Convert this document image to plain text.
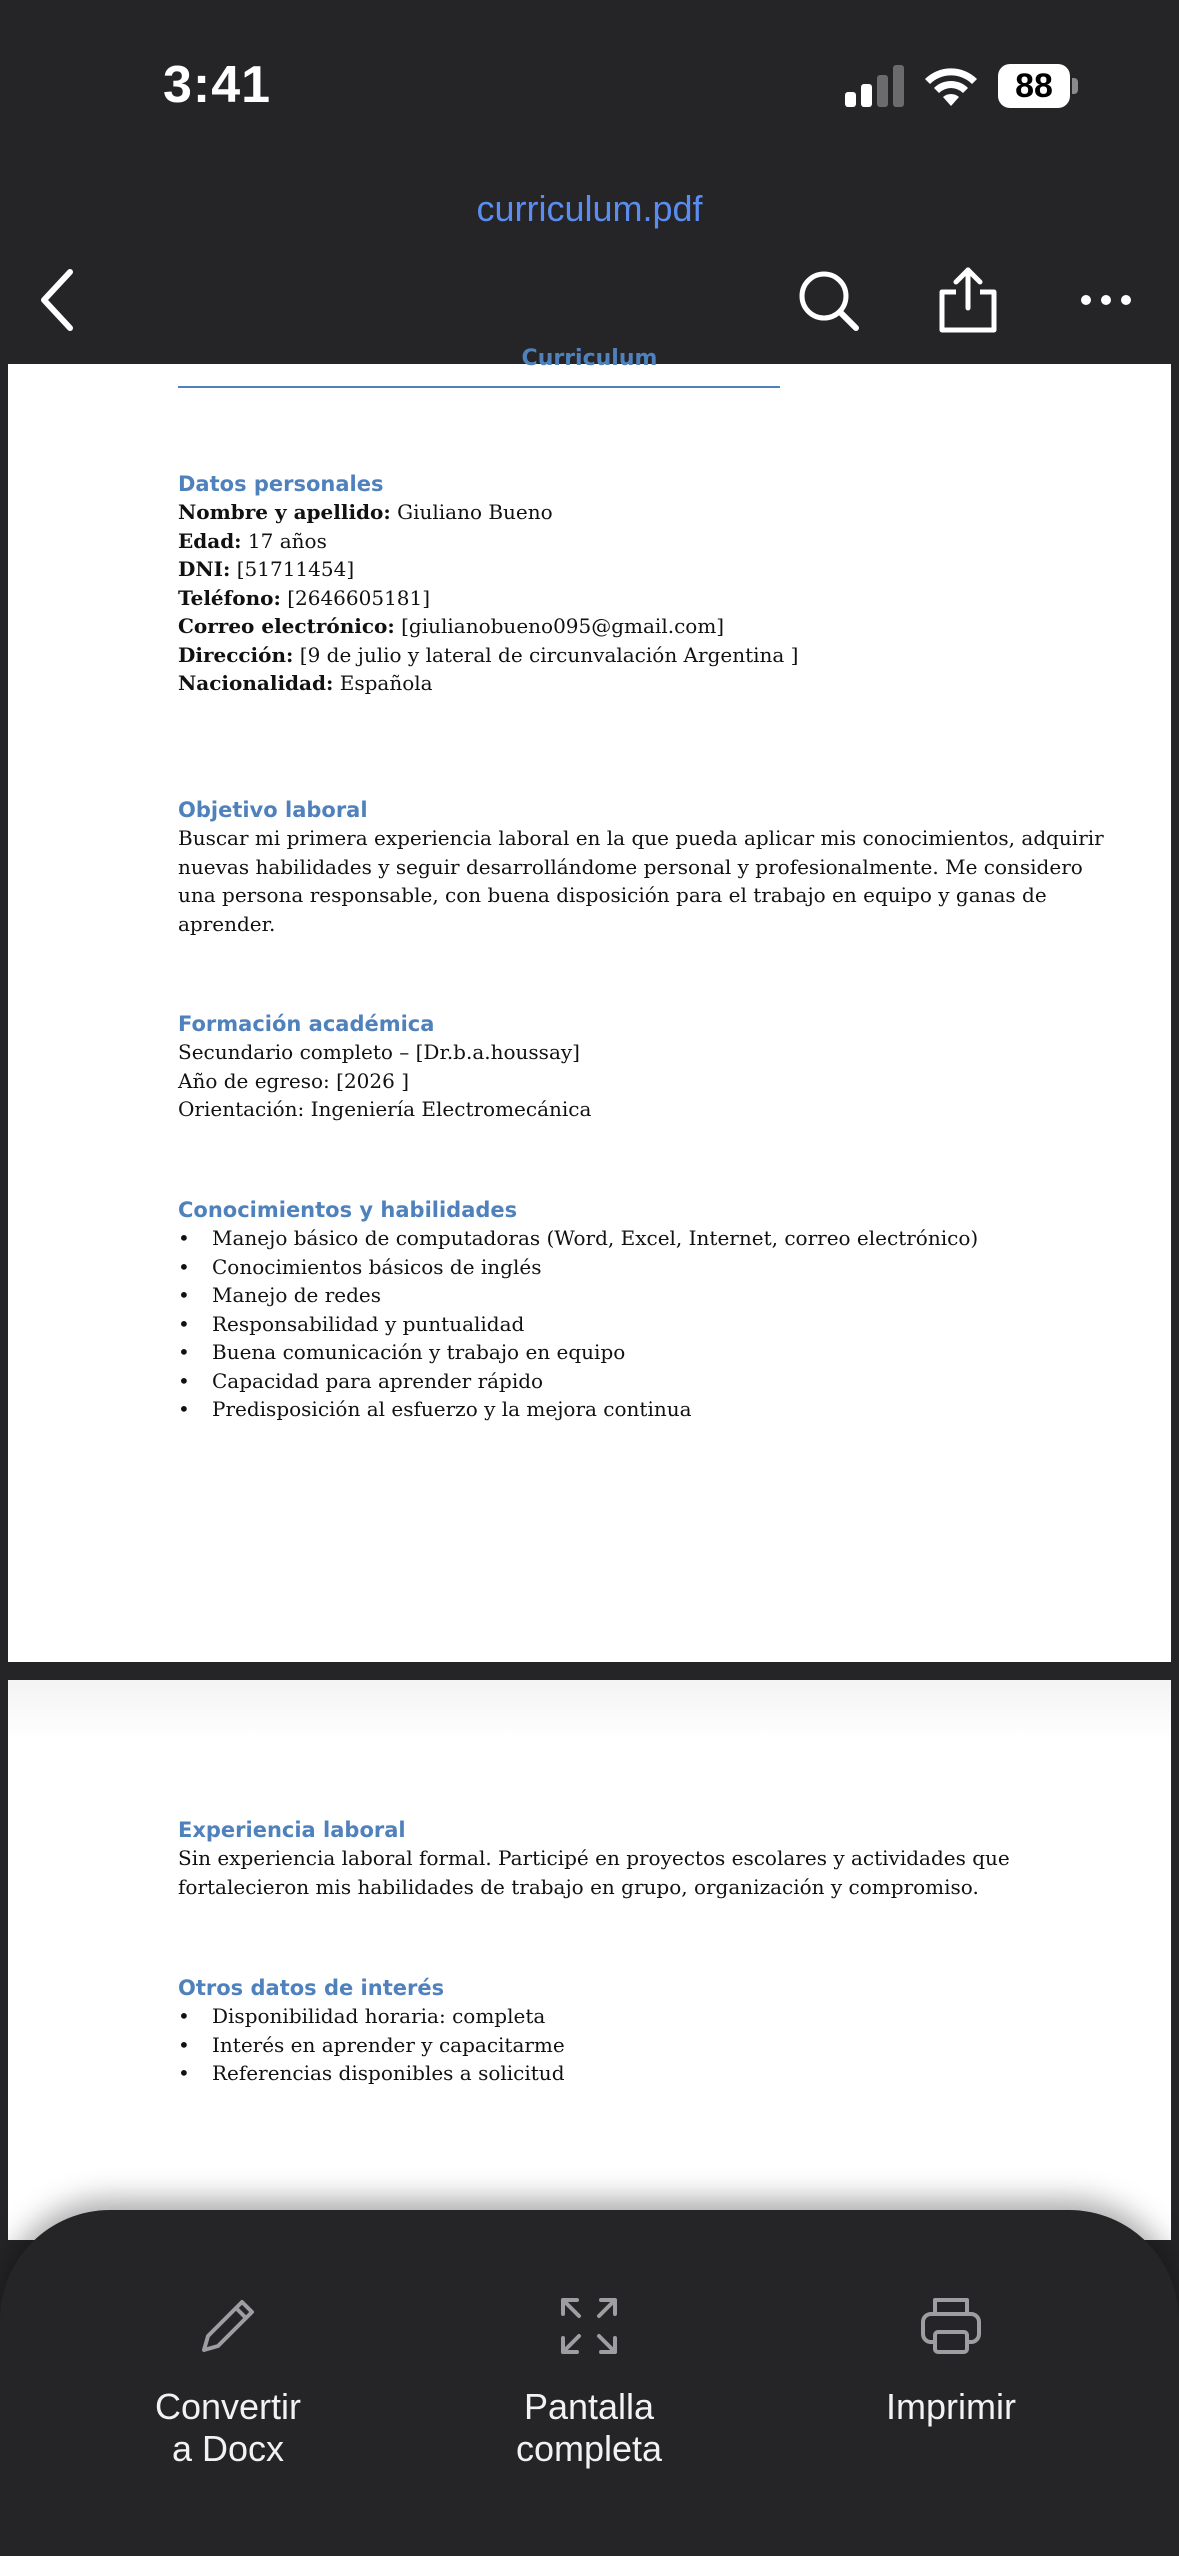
3:41	88
curriculum.pdf
Curriculum
Datos personales

Nombre y apellido: Giuliano Bueno

Edad: 17 años

DNI: [51711454]

Teléfono: [2646605181]

Correo electrónico: [giulianobueno095@gmail.com]

Dirección: [9 de julio y lateral de circunvalación Argentina ]

Nacionalidad: Española

Objetivo laboral

Buscar mi primera experiencia laboral en la que pueda aplicar mis conocimientos, adquirir

nuevas habilidades y seguir desarrollándome personal y profesionalmente. Me considero

una persona responsable, con buena disposición para el trabajo en equipo y ganas de

aprender.

Formación académica

Secundario completo – [Dr.b.a.houssay]

Año de egreso: [2026 ]

Orientación: Ingeniería Electromecánica

Conocimientos y habilidades
• Manejo básico de computadoras (Word, Excel, Internet, correo electrónico)
• Conocimientos básicos de inglés
• Manejo de redes
• Responsabilidad y puntualidad
• Buena comunicación y trabajo en equipo
• Capacidad para aprender rápido
• Predisposición al esfuerzo y la mejora continua
Experiencia laboral

Sin experiencia laboral formal. Participé en proyectos escolares y actividades que

fortalecieron mis habilidades de trabajo en grupo, organización y compromiso.

Otros datos de interés
• Disponibilidad horaria: completa
• Interés en aprender y capacitarme
• Referencias disponibles a solicitud
Convertir
a Docx
Pantalla
completa
Imprimir
